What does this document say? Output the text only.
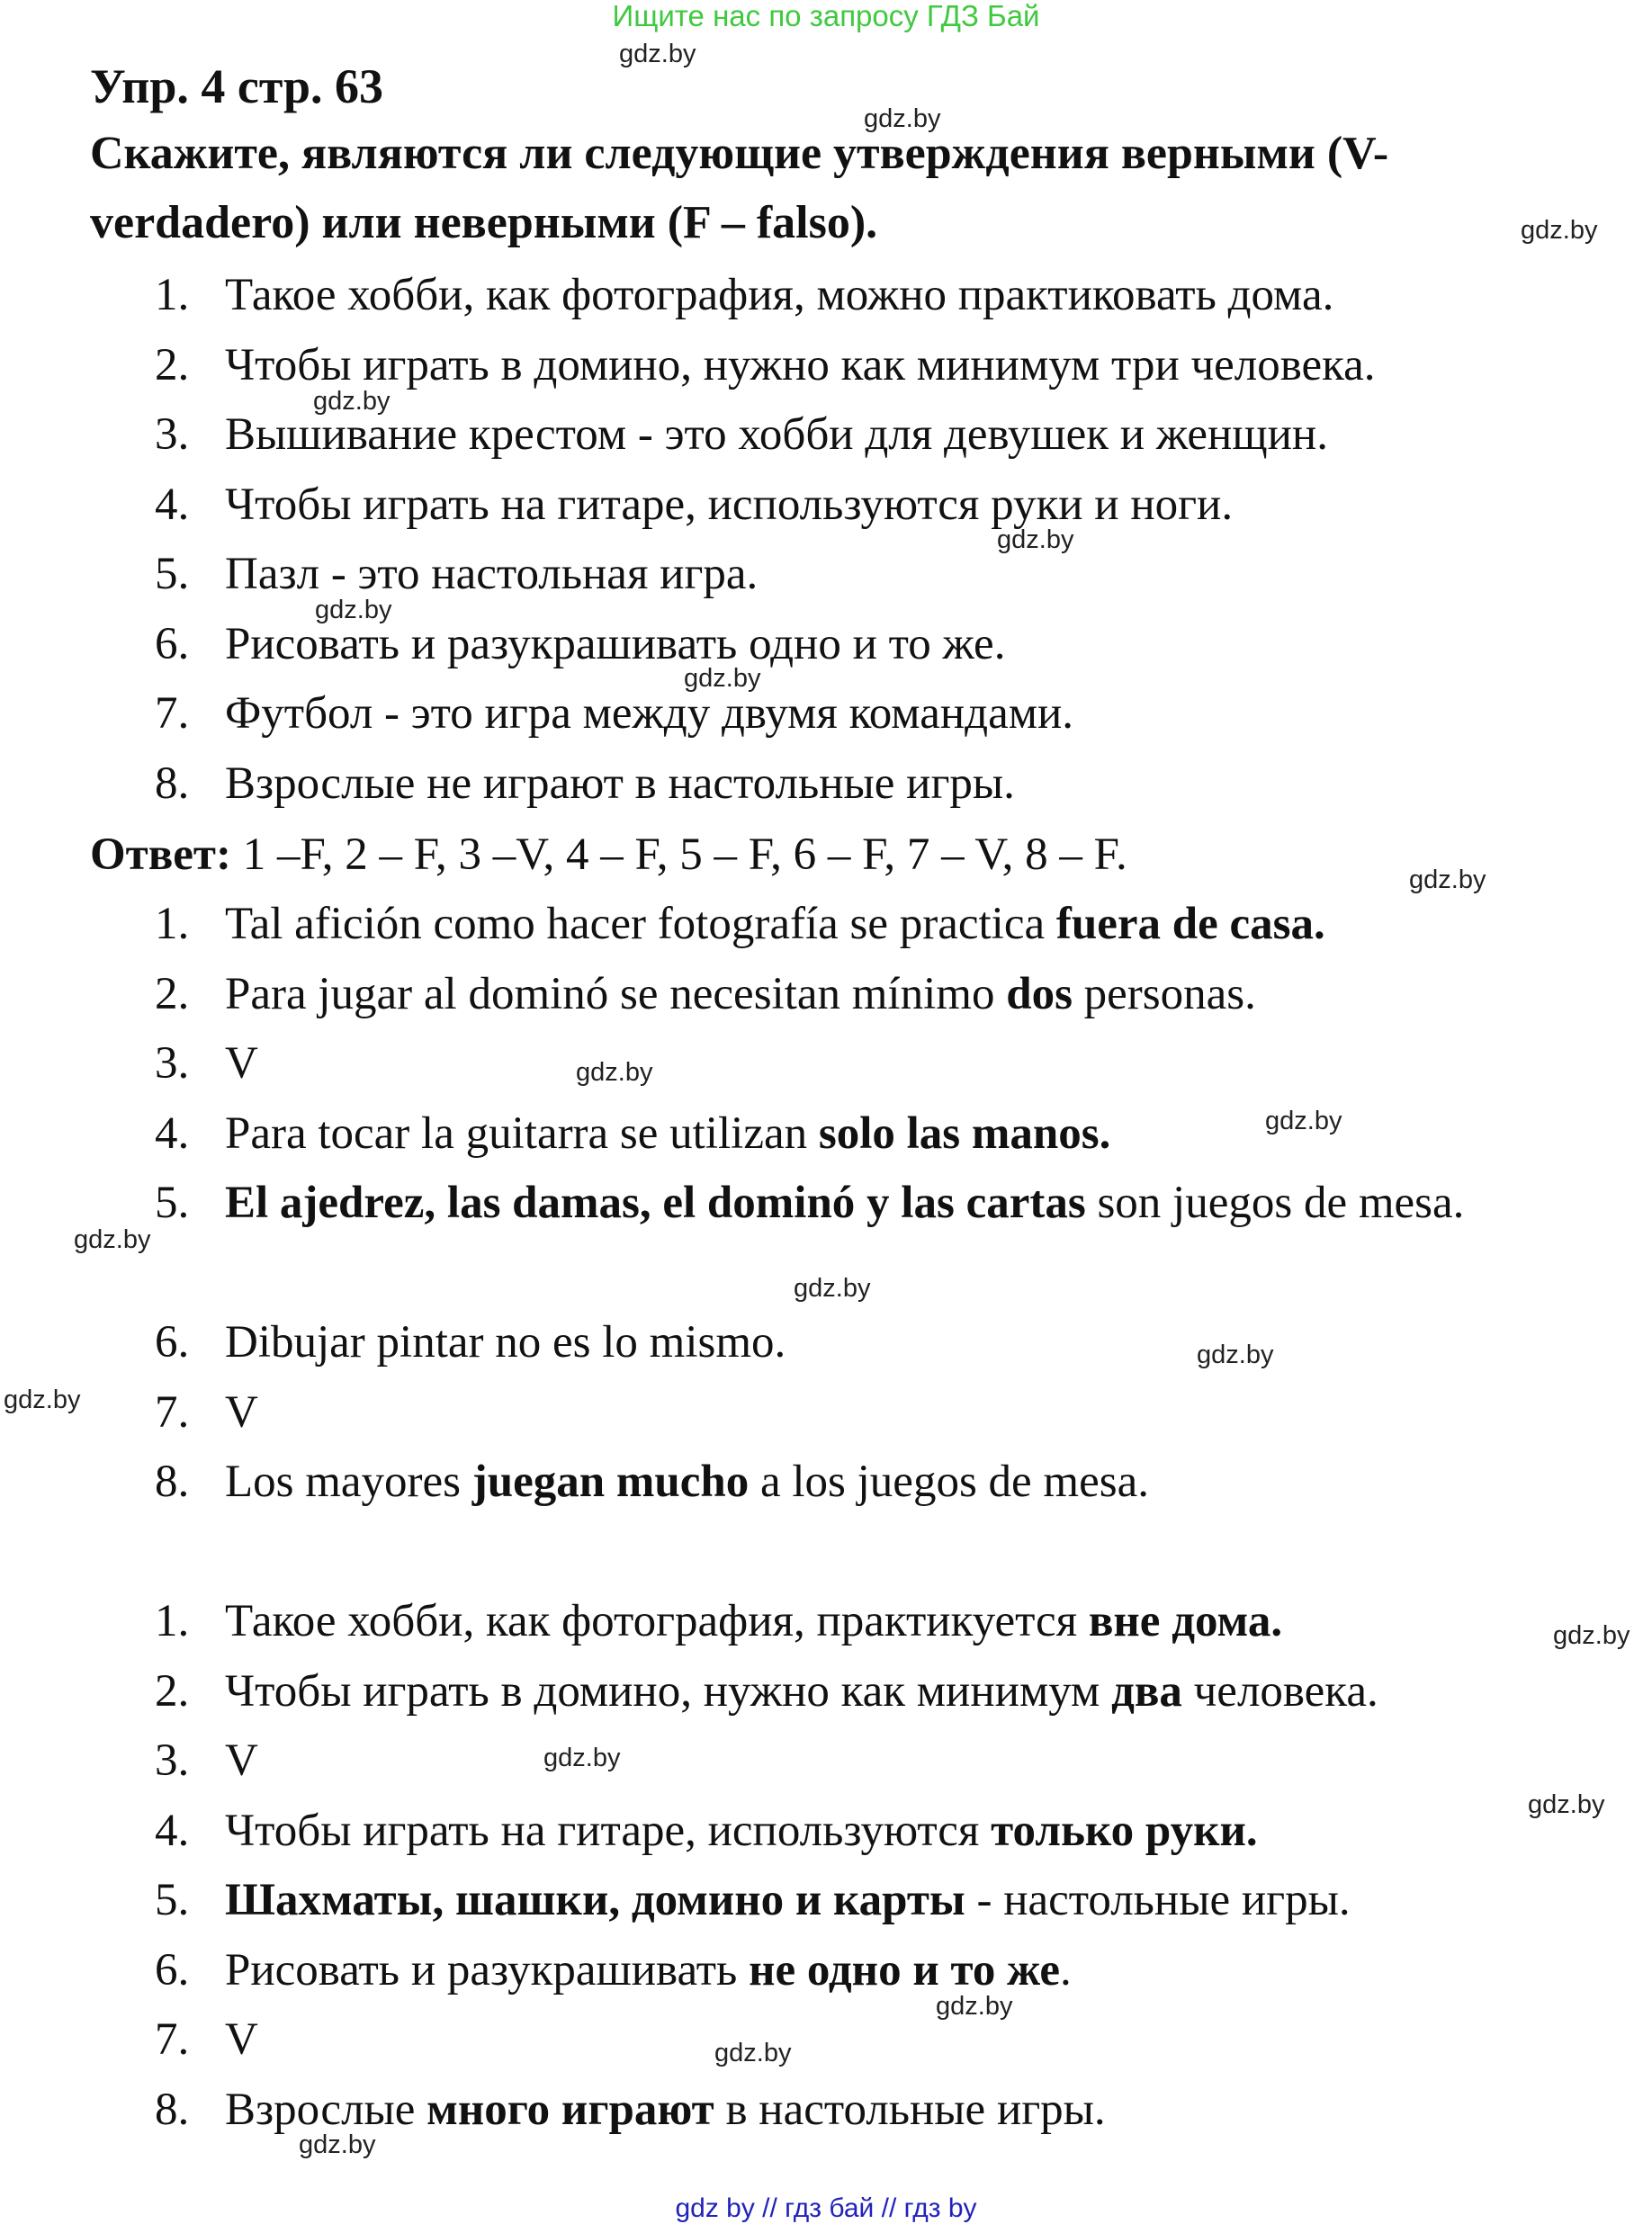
Ищите нас по запросу ГДЗ Бай
Упр. 4 стр. 63
Скажите, являются ли следующие утверждения верными (V- verdadero) или неверными (F – falso).
1. Такое хобби, как фотография, можно практиковать дома.
2. Чтобы играть в домино, нужно как минимум три человека.
3. Вышивание крестом - это хобби для девушек и женщин.
4. Чтобы играть на гитаре, используются руки и ноги.
5. Пазл - это настольная игра.
6. Рисовать и разукрашивать одно и то же.
7. Футбол - это игра между двумя командами.
8. Взрослые не играют в настольные игры.
Ответ: 1 –F, 2 – F, 3 –V, 4 – F, 5 – F, 6 – F, 7 – V, 8 – F.
1. Tal afición como hacer fotografía se practica fuera de casa.
2. Para jugar al dominó se necesitan mínimo dos personas.
3. V
4. Para tocar la guitarra se utilizan solo las manos.
5. El ajedrez, las damas, el dominó y las cartas son juegos de mesa.
6. Dibujar pintar no es lo mismo.
7. V
8. Los mayores juegan mucho a los juegos de mesa.
1. Такое хобби, как фотография, практикуется вне дома.
2. Чтобы играть в домино, нужно как минимум два человека.
3. V
4. Чтобы играть на гитаре, используются только руки.
5. Шахматы, шашки, домино и карты - настольные игры.
6. Рисовать и разукрашивать не одно и то же.
7. V
8. Взрослые много играют в настольные игры.
gdz.by
gdz.by
gdz.by
gdz.by
gdz.by
gdz.by
gdz.by
gdz.by
gdz.by
gdz.by
gdz.by
gdz.by
gdz.by
gdz.by
gdz.by
gdz.by
gdz.by
gdz.by
gdz.by
gdz.by
gdz by // гдз бай // гдз by
